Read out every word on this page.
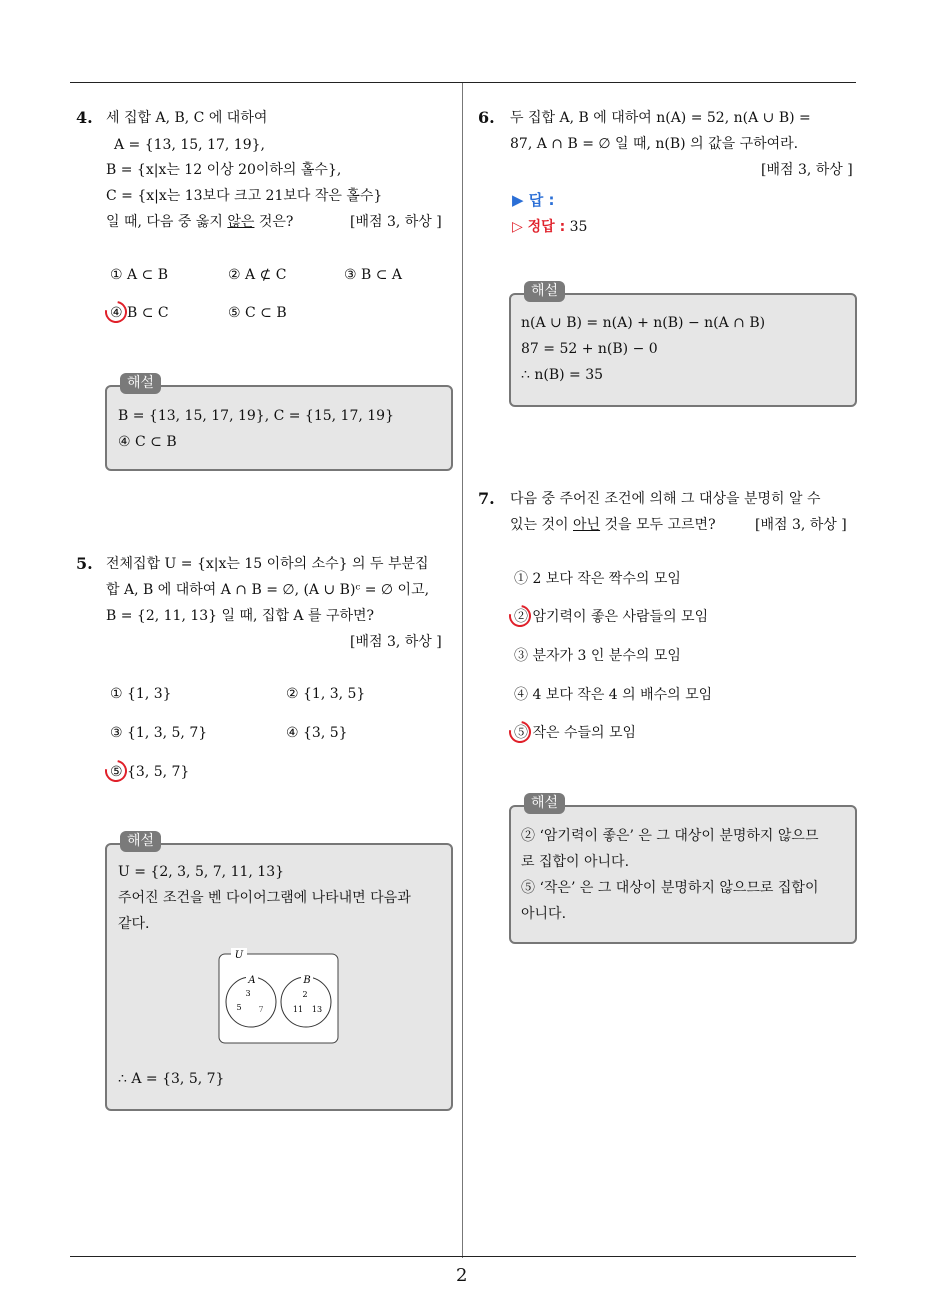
2
4. 세 집합 A, B, C 에 대하여
A = {13, 15, 17, 19},
B = {x|x는 12 이상 20이하의 홀수},
C = {x|x는 13보다 크고 21보다 작은 홀수}
일 때, 다음 중 옳지 않은 것은?	[배점 3, 하상 ]
① A ⊂ B	② A ⊄ C	③ B ⊂ A
④ B ⊂ C	⑤ C ⊂ B
해설
B = {13, 15, 17, 19}, C = {15, 17, 19}
④ C ⊂ B
5. 전체집합 U = {x|x는 15 이하의 소수} 의 두 부분집
합 A, B 에 대하여 A ∩ B = ∅, (A ∪ B)ᶜ = ∅ 이고,
B = {2, 11, 13} 일 때, 집합 A 를 구하면?
[배점 3, 하상 ]
① {1, 3}	② {1, 3, 5}
③ {1, 3, 5, 7}	④ {3, 5}
⑤ {3, 5, 7}
해설
U = {2, 3, 5, 7, 11, 13}
주어진 조건을 벤 다이어그램에 나타내면 다음과
같다.
U
A	B
3
5 7
2
11 13
∴ A = {3, 5, 7}
6. 두 집합 A, B 에 대하여 n(A) = 52, n(A ∪ B) =
87, A ∩ B = ∅ 일 때, n(B) 의 값을 구하여라.
[배점 3, 하상 ]
▶ 답 :
▷ 정답 : 35
해설
n(A ∪ B) = n(A) + n(B) − n(A ∩ B)
87 = 52 + n(B) − 0
∴ n(B) = 35
7. 다음 중 주어진 조건에 의해 그 대상을 분명히 알 수
있는 것이 아닌 것을 모두 고르면?	[배점 3, 하상 ]
① 2 보다 작은 짝수의 모임
② 암기력이 좋은 사람들의 모임
③ 분자가 3 인 분수의 모임
④ 4 보다 작은 4 의 배수의 모임
⑤ 작은 수들의 모임
해설
② ‘암기력이 좋은’ 은 그 대상이 분명하지 않으므
로 집합이 아니다.
⑤ ‘작은’ 은 그 대상이 분명하지 않으므로 집합이
아니다.
